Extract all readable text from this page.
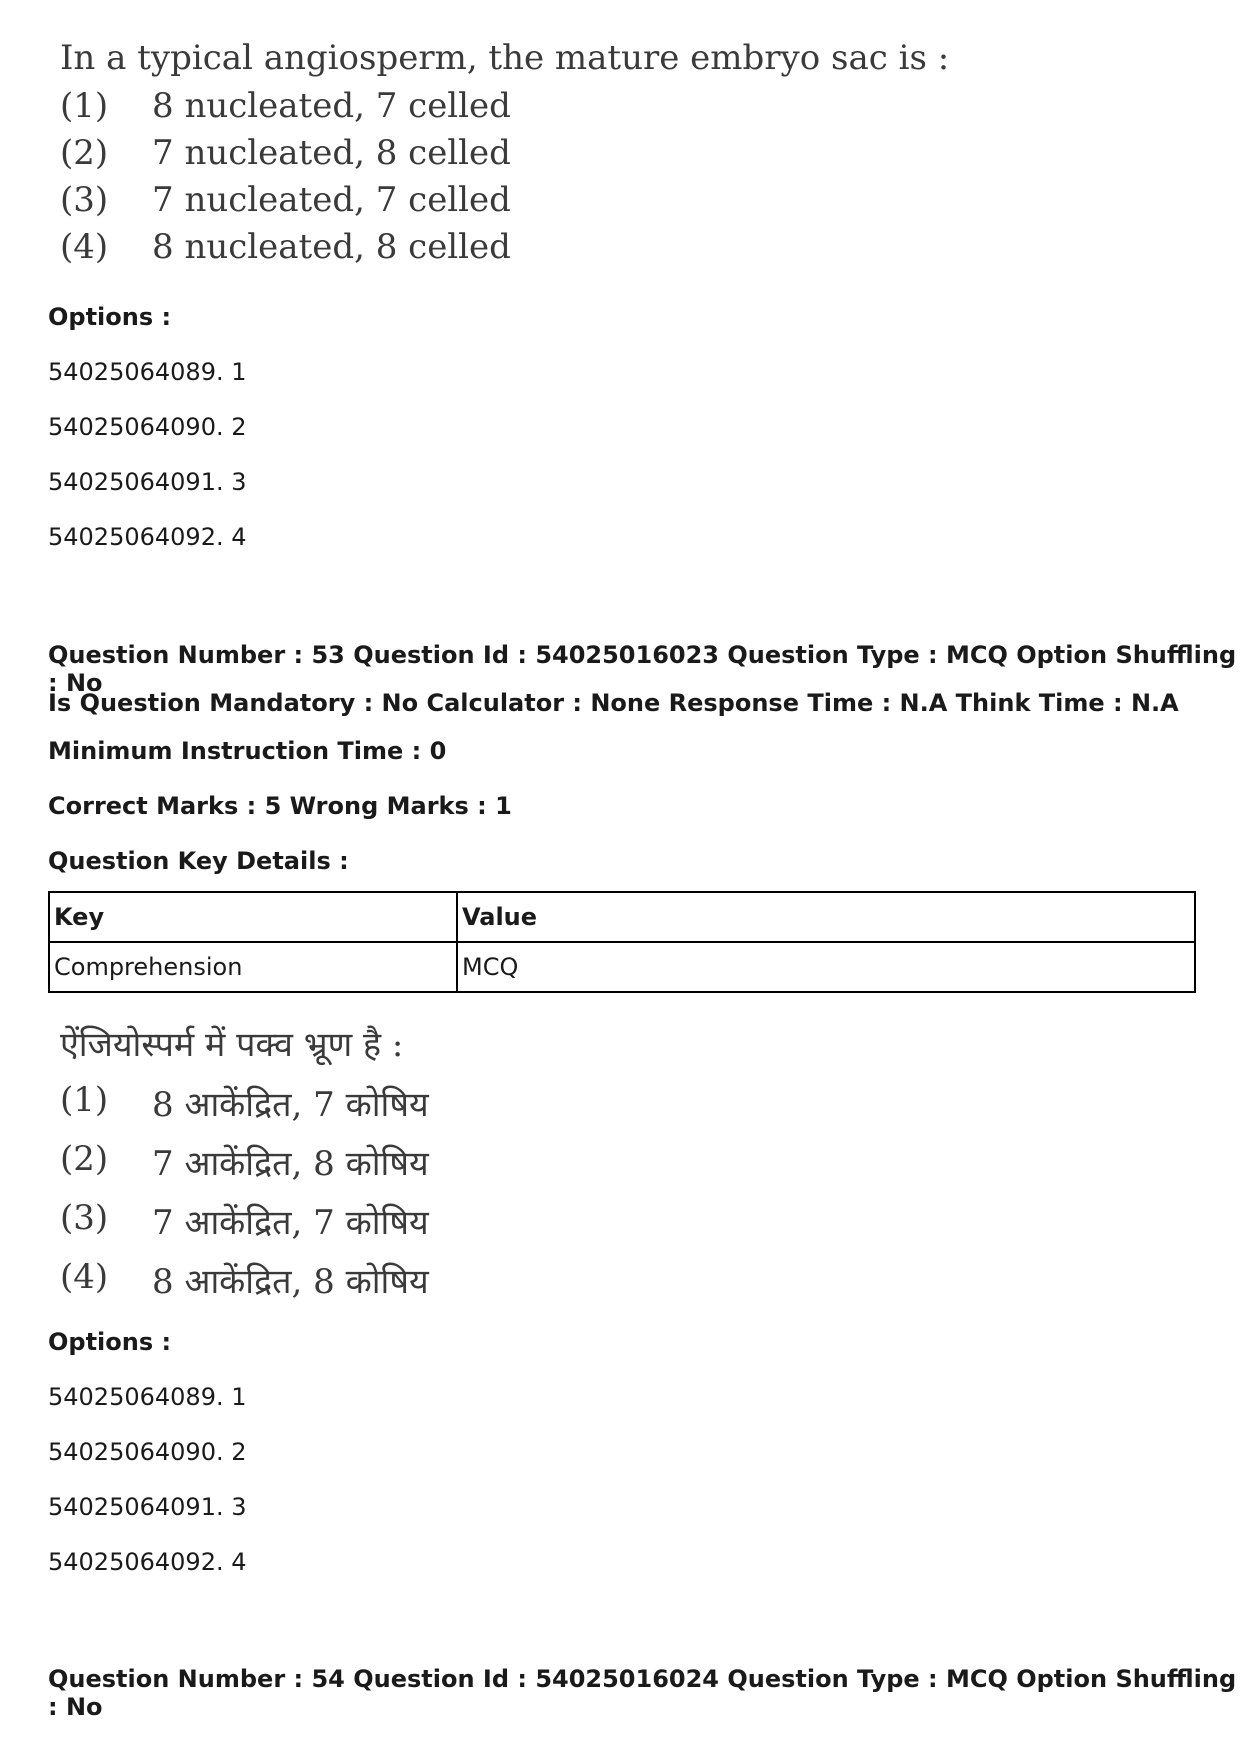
In a typical angiosperm, the mature embryo sac is :
(1) 8 nucleated, 7 celled
(2) 7 nucleated, 8 celled
(3) 7 nucleated, 7 celled
(4) 8 nucleated, 8 celled
Options :
54025064089. 1
54025064090. 2
54025064091. 3
54025064092. 4
Question Number : 53 Question Id : 54025016023 Question Type : MCQ Option Shuffling : No
Is Question Mandatory : No Calculator : None Response Time : N.A Think Time : N.A
Minimum Instruction Time : 0
Correct Marks : 5 Wrong Marks : 1
Question Key Details :
Key	Value
Comprehension	MCQ
ऐंजियोस्पर्म में पक्व भ्रूण है :
(1) 8 आकेंद्रित, 7 कोषिय
(2) 7 आकेंद्रित, 8 कोषिय
(3) 7 आकेंद्रित, 7 कोषिय
(4) 8 आकेंद्रित, 8 कोषिय
Options :
54025064089. 1
54025064090. 2
54025064091. 3
54025064092. 4
Question Number : 54 Question Id : 54025016024 Question Type : MCQ Option Shuffling : No
